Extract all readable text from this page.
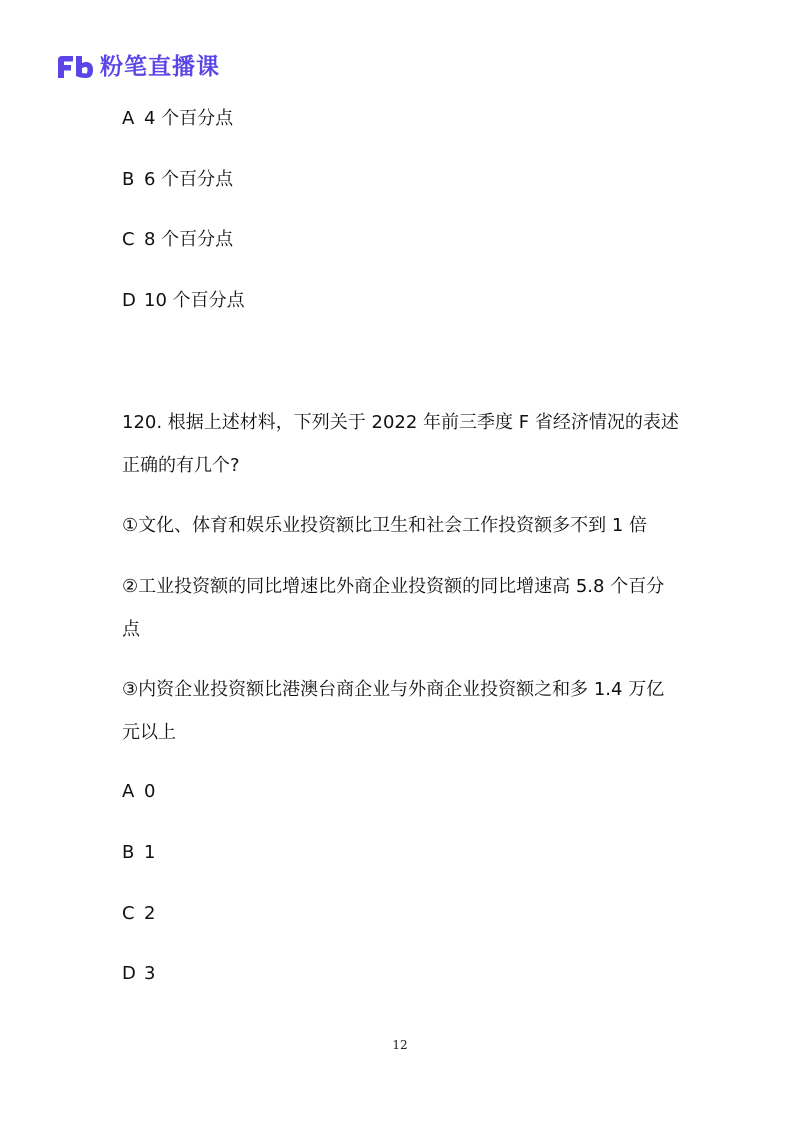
粉笔直播课
A 4 个百分点
B 6 个百分点
C 8 个百分点
D 10 个百分点
120. 根据上述材料，下列关于 2022 年前三季度 F 省经济情况的表述
正确的有几个?
①文化、体育和娱乐业投资额比卫生和社会工作投资额多不到 1 倍
②工业投资额的同比增速比外商企业投资额的同比增速高 5.8 个百分
点
③内资企业投资额比港澳台商企业与外商企业投资额之和多 1.4 万亿
元以上
A 0
B 1
C 2
D 3
12
